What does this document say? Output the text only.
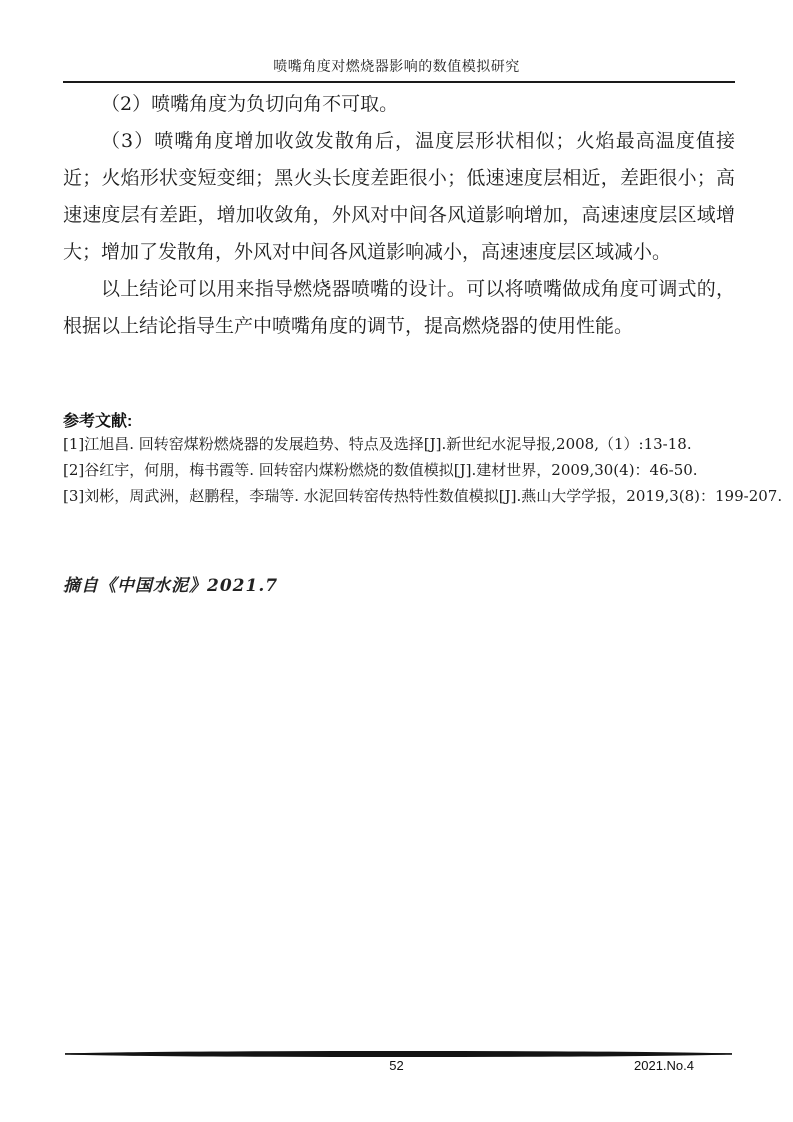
喷嘴角度对燃烧器影响的数值模拟研究

（2）喷嘴角度为负切向角不可取。

（3）喷嘴角度增加收敛发散角后，温度层形状相似；火焰最高温度值接近；火焰形状变短变细；黑火头长度差距很小；低速速度层相近，差距很小；高速速度层有差距，增加收敛角，外风对中间各风道影响增加，高速速度层区域增大；增加了发散角，外风对中间各风道影响减小，高速速度层区域减小。

以上结论可以用来指导燃烧器喷嘴的设计。可以将喷嘴做成角度可调式的，根据以上结论指导生产中喷嘴角度的调节，提高燃烧器的使用性能。

参考文献:
[1]江旭昌. 回转窑煤粉燃烧器的发展趋势、特点及选择[J].新世纪水泥导报,2008,（1）:13-18.
[2]谷红宇，何朋，梅书霞等. 回转窑内煤粉燃烧的数值模拟[J].建材世界，2009,30(4)：46-50.
[3]刘彬，周武洲，赵鹏程，李瑞等. 水泥回转窑传热特性数值模拟[J].燕山大学学报，2019,3(8)：199-207.
摘自《中国水泥》2021.7
52	2021.No.4
